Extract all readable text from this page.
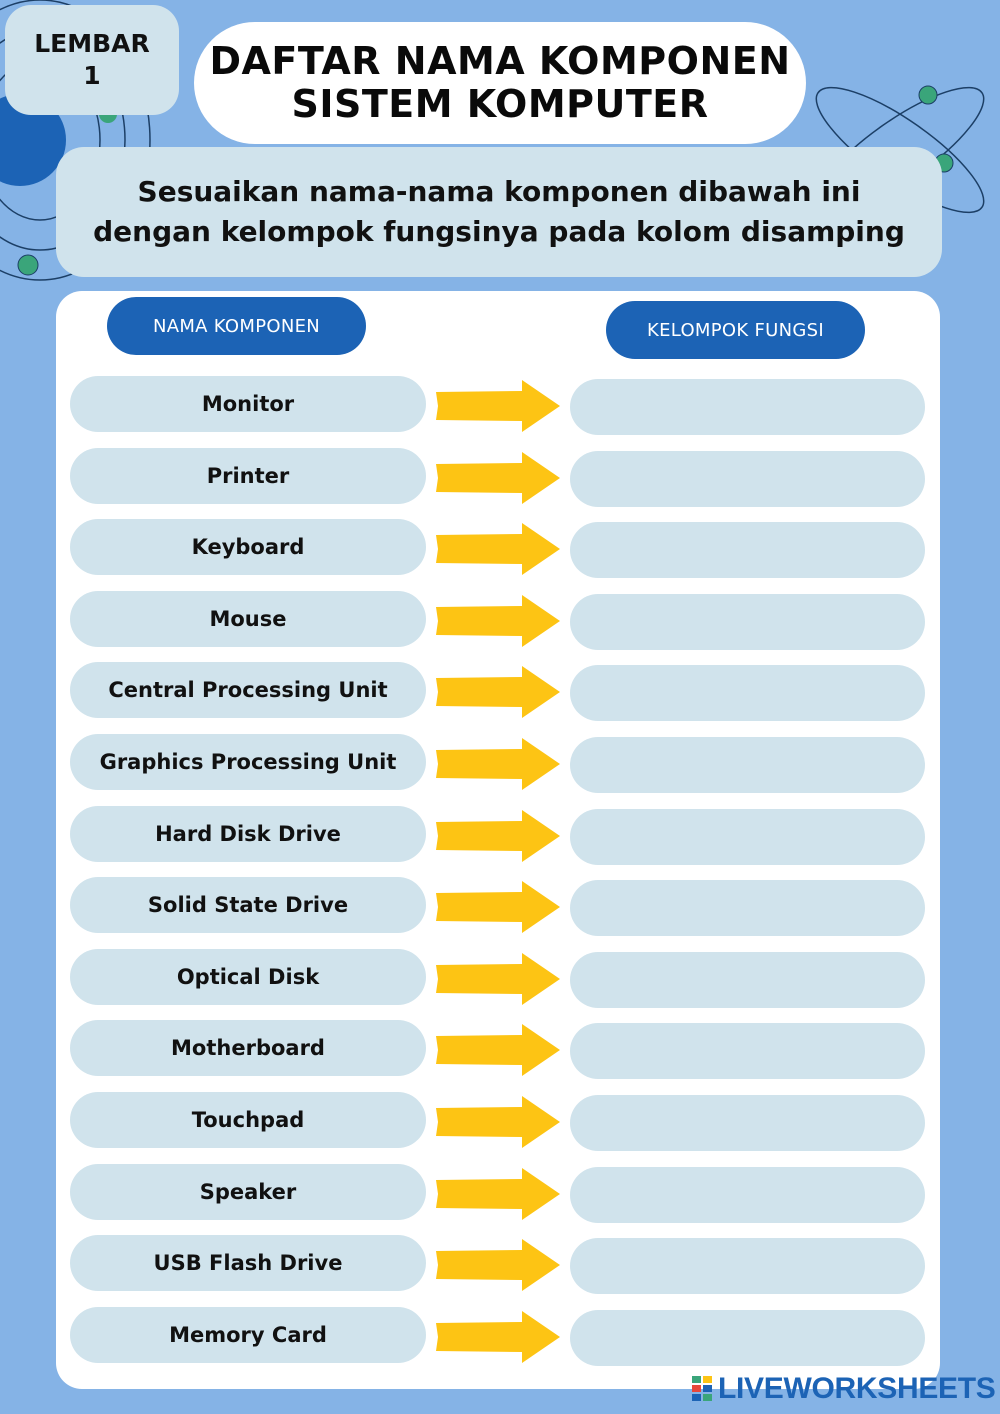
LEMBAR
1	DAFTAR NAMA KOMPONEN
SISTEM KOMPUTER
Sesuaikan nama-nama komponen dibawah ini
dengan kelompok fungsinya pada kolom disamping
NAMA KOMPONEN	KELOMPOK FUNGSI
Monitor
Printer
Keyboard
Mouse
Central Processing Unit
Graphics Processing Unit
Hard Disk Drive
Solid State Drive
Optical Disk
Motherboard
Touchpad
Speaker
USB Flash Drive
Memory Card
LIVEWORKSHEETS
